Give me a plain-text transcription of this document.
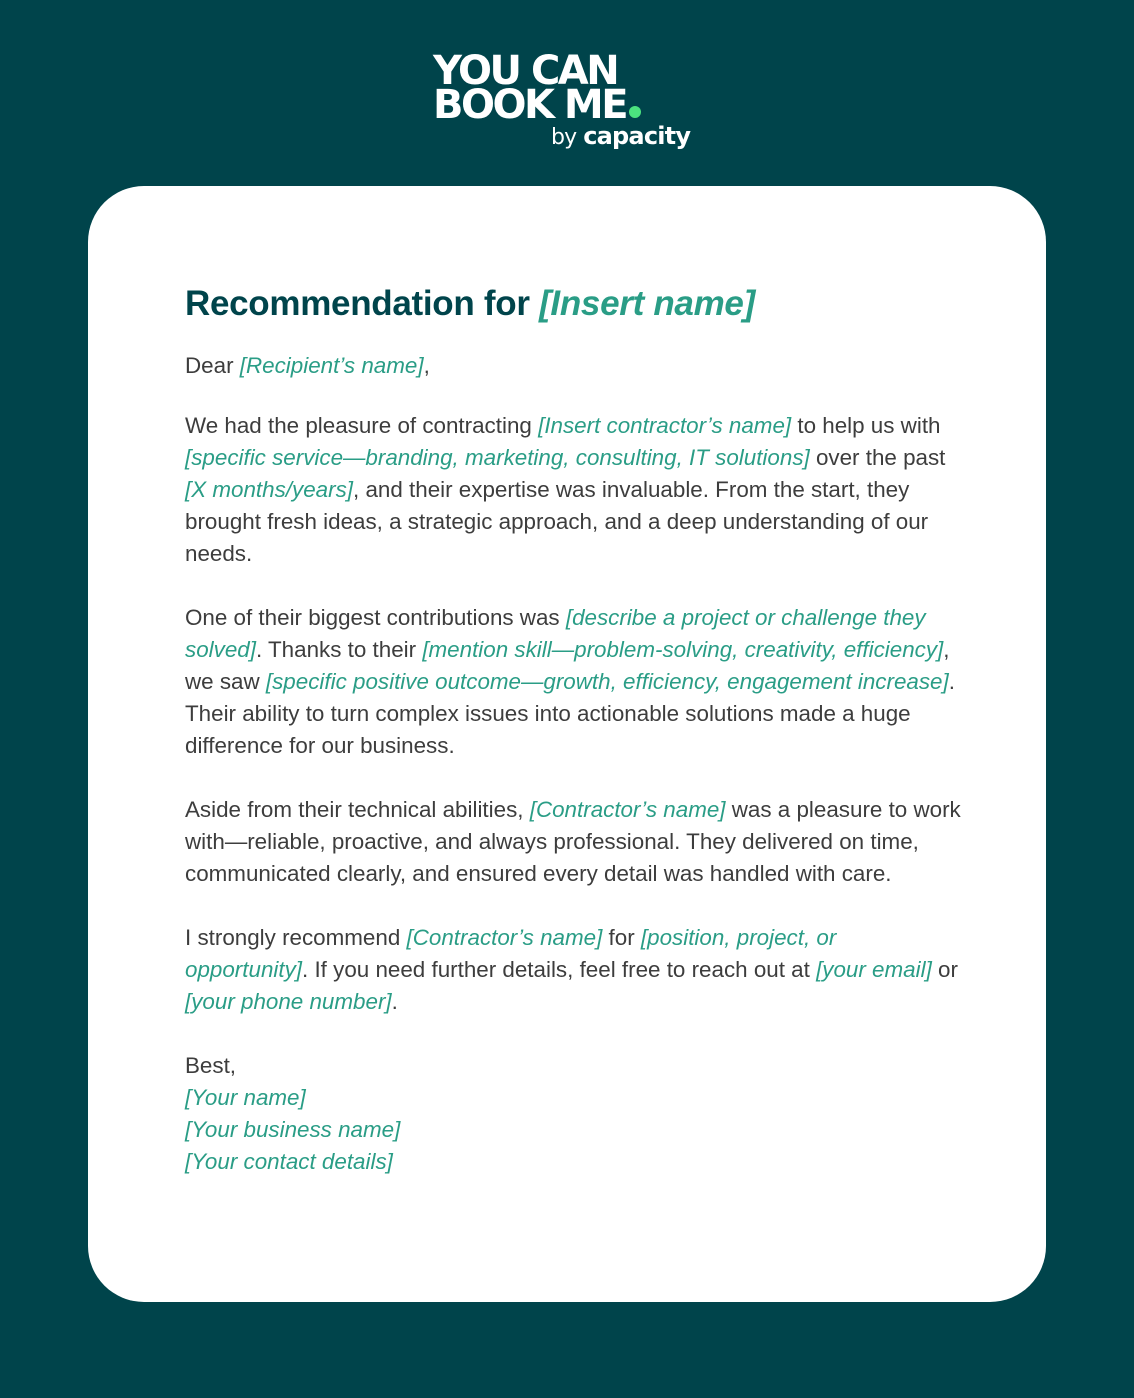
YOU CAN
BOOK ME
by capacity
Recommendation for [Insert name]

Dear [Recipient’s name],

We had the pleasure of contracting [Insert contractor’s name] to help us with [specific service—branding, marketing, consulting, IT solutions] over the past [X months/years], and their expertise was invaluable. From the start, they brought fresh ideas, a strategic approach, and a deep understanding of our needs.

One of their biggest contributions was [describe a project or challenge they solved]. Thanks to their [mention skill—problem-solving, creativity, efficiency], we saw [specific positive outcome—growth, efficiency, engagement increase]. Their ability to turn complex issues into actionable solutions made a huge difference for our business.

Aside from their technical abilities, [Contractor’s name] was a pleasure to work with—reliable, proactive, and always professional. They delivered on time, communicated clearly, and ensured every detail was handled with care.

I strongly recommend [Contractor’s name] for [position, project, or opportunity]. If you need further details, feel free to reach out at [your email] or [your phone number].

Best,
[Your name]
[Your business name]
[Your contact details]
